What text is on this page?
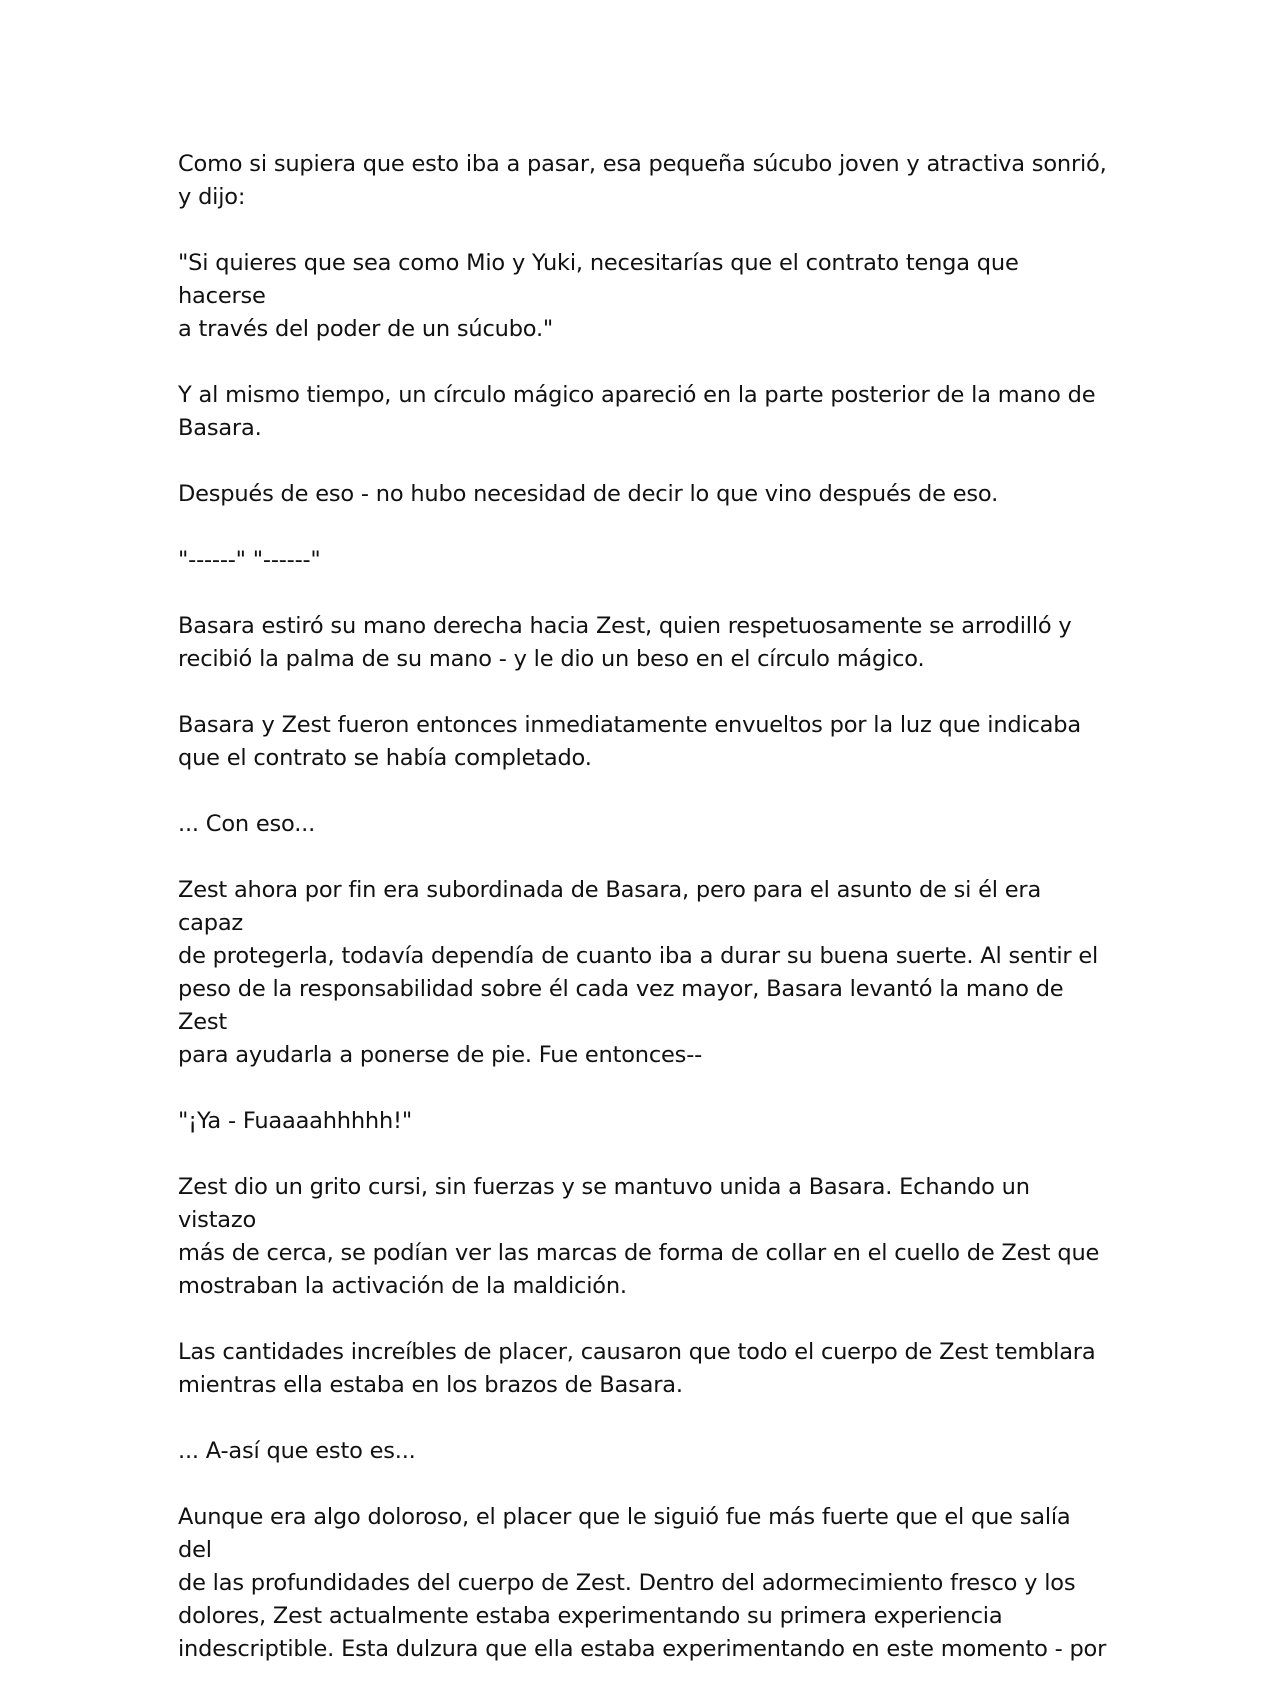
Como si supiera que esto iba a pasar, esa pequeña súcubo joven y atractiva sonrió,
y dijo:

"Si quieres que sea como Mio y Yuki, necesitarías que el contrato tenga que hacerse
a través del poder de un súcubo."

Y al mismo tiempo, un círculo mágico apareció en la parte posterior de la mano de
Basara.

Después de eso - no hubo necesidad de decir lo que vino después de eso.

"------" "------"

Basara estiró su mano derecha hacia Zest, quien respetuosamente se arrodilló y
recibió la palma de su mano - y le dio un beso en el círculo mágico.

Basara y Zest fueron entonces inmediatamente envueltos por la luz que indicaba
que el contrato se había completado.

... Con eso...

Zest ahora por fin era subordinada de Basara, pero para el asunto de si él era capaz
de protegerla, todavía dependía de cuanto iba a durar su buena suerte. Al sentir el
peso de la responsabilidad sobre él cada vez mayor, Basara levantó la mano de Zest
para ayudarla a ponerse de pie. Fue entonces--

"¡Ya - Fuaaaahhhhh!"

Zest dio un grito cursi, sin fuerzas y se mantuvo unida a Basara. Echando un vistazo
más de cerca, se podían ver las marcas de forma de collar en el cuello de Zest que
mostraban la activación de la maldición.

Las cantidades increíbles de placer, causaron que todo el cuerpo de Zest temblara
mientras ella estaba en los brazos de Basara.

... A-así que esto es...

Aunque era algo doloroso, el placer que le siguió fue más fuerte que el que salía del
de las profundidades del cuerpo de Zest. Dentro del adormecimiento fresco y los
dolores, Zest actualmente estaba experimentando su primera experiencia
indescriptible. Esta dulzura que ella estaba experimentando en este momento - por
